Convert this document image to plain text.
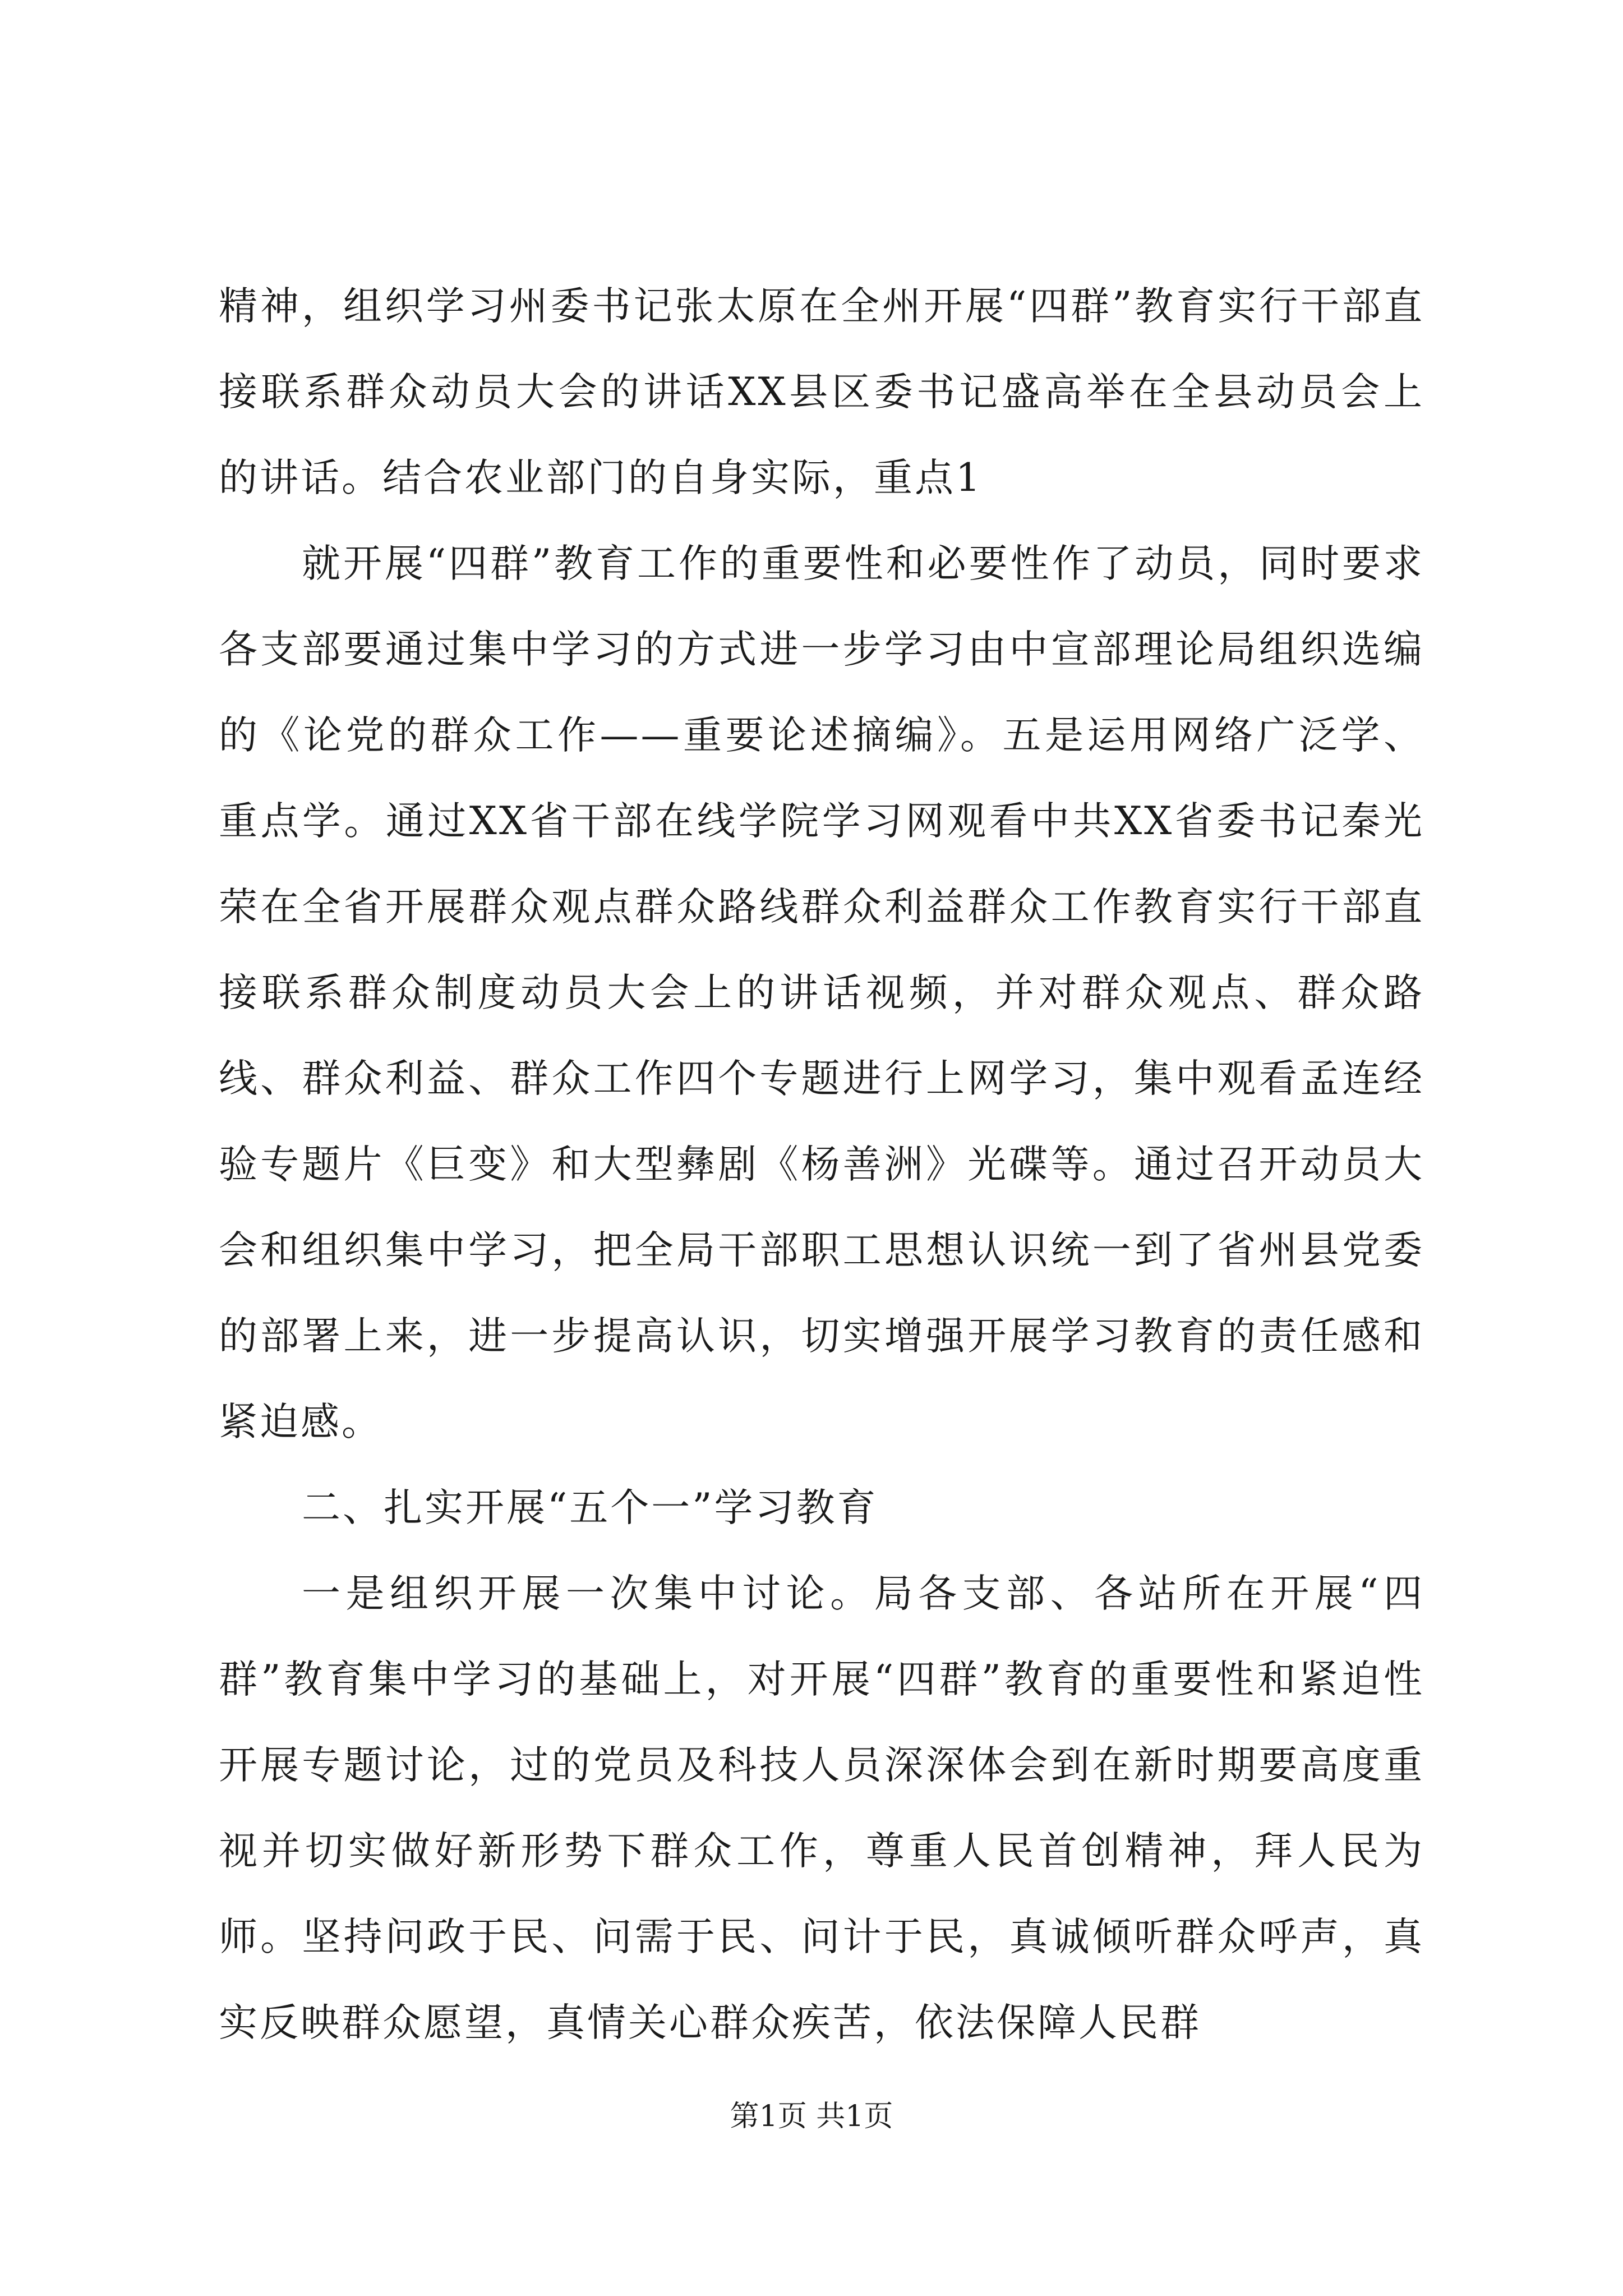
精神，组织学习州委书记张太原在全州开展“四群”教育实行干部直接联系群众动员大会的讲话XX县区委书记盛高举在全县动员会上的讲话。结合农业部门的自身实际，重点1

就开展“四群”教育工作的重要性和必要性作了动员，同时要求各支部要通过集中学习的方式进一步学习由中宣部理论局组织选编的《论党的群众工作——重要论述摘编》。五是运用网络广泛学、重点学。通过XX省干部在线学院学习网观看中共XX省委书记秦光荣在全省开展群众观点群众路线群众利益群众工作教育实行干部直接联系群众制度动员大会上的讲话视频，并对群众观点、群众路线、群众利益、群众工作四个专题进行上网学习，集中观看孟连经验专题片《巨变》和大型彝剧《杨善洲》光碟等。通过召开动员大会和组织集中学习，把全局干部职工思想认识统一到了省州县党委的部署上来，进一步提高认识，切实增强开展学习教育的责任感和紧迫感。

二、扎实开展“五个一”学习教育

一是组织开展一次集中讨论。局各支部、各站所在开展“四群”教育集中学习的基础上，对开展“四群”教育的重要性和紧迫性开展专题讨论，过的党员及科技人员深深体会到在新时期要高度重视并切实做好新形势下群众工作，尊重人民首创精神，拜人民为师。坚持问政于民、问需于民、问计于民，真诚倾听群众呼声，真实反映群众愿望，真情关心群众疾苦，依法保障人民群

第1页 共1页
